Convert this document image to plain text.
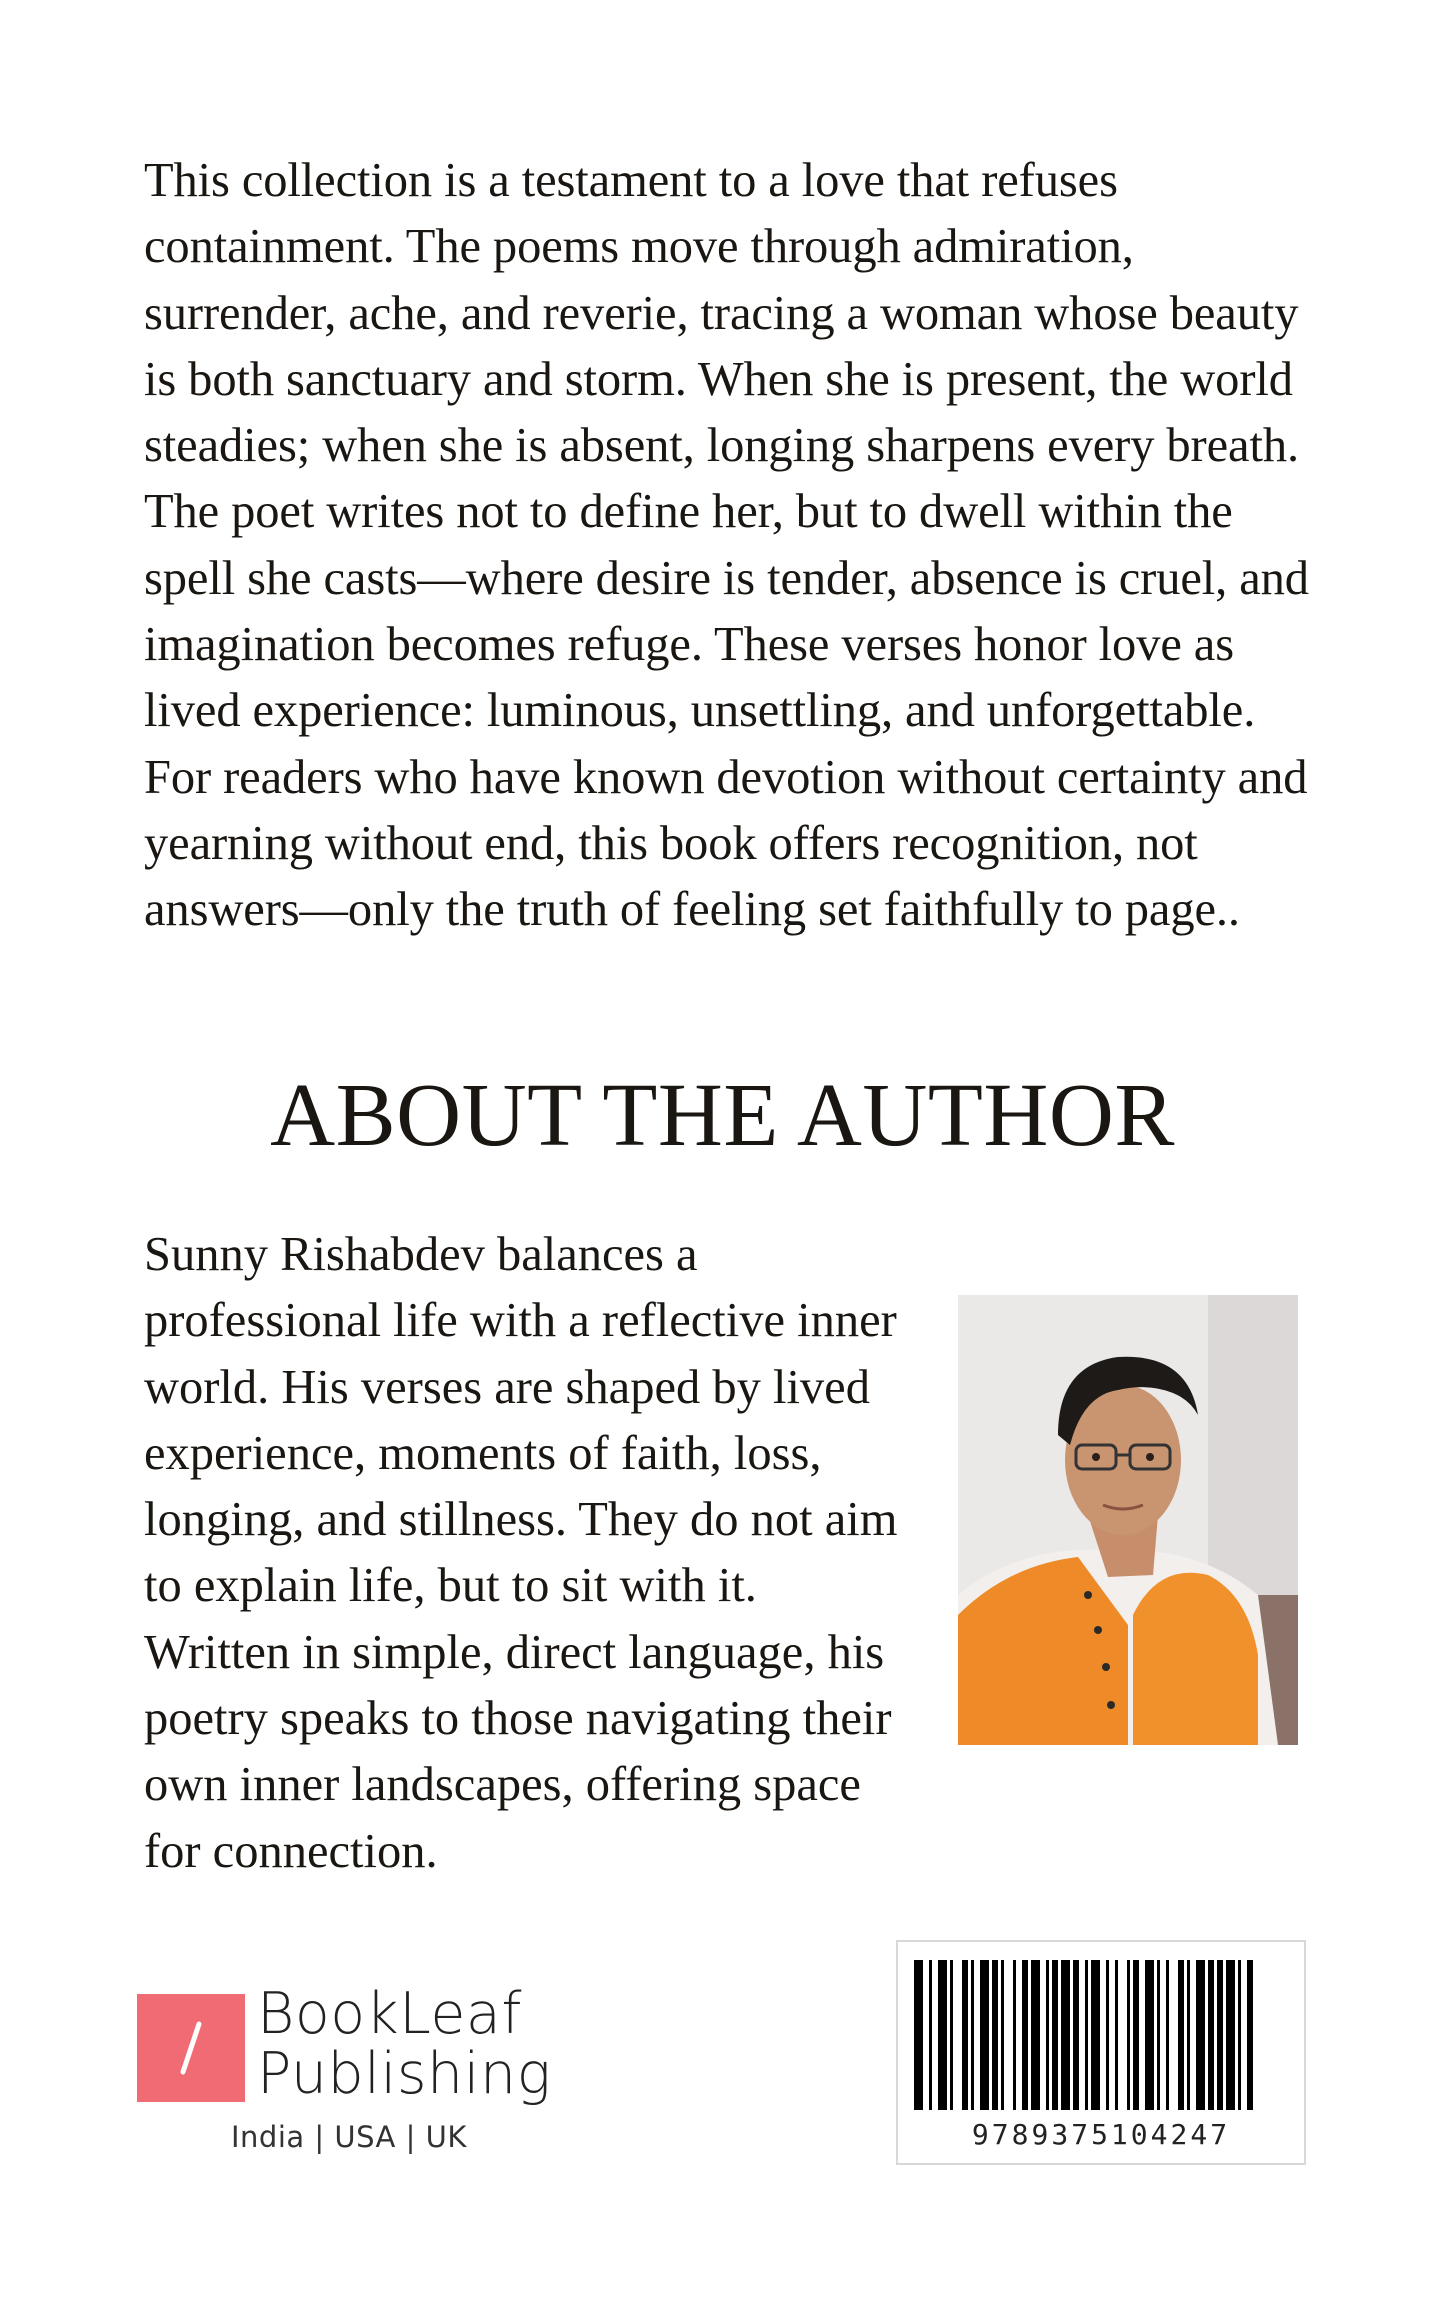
This collection is a testament to a love that refuses containment. The poems move through admiration, surrender, ache, and reverie, tracing a woman whose beauty is both sanctuary and storm. When she is present, the world steadies; when she is absent, longing sharpens every breath. The poet writes not to define her, but to dwell within the spell she casts—where desire is tender, absence is cruel, and imagination becomes refuge. These verses honor love as lived experience: luminous, unsettling, and unforgettable. For readers who have known devotion without certainty and yearning without end, this book offers recognition, not answers—only the truth of feeling set faithfully to page..

ABOUT THE AUTHOR

Sunny Rishabdev balances a professional life with a reflective inner world. His verses are shaped by lived experience, moments of faith, loss, longing, and stillness. They do not aim to explain life, but to sit with it. Written in simple, direct language, his poetry speaks to those navigating their own inner landscapes, offering space for connection.

BookLeaf
Publishing
India | USA | UK	9789375104247
